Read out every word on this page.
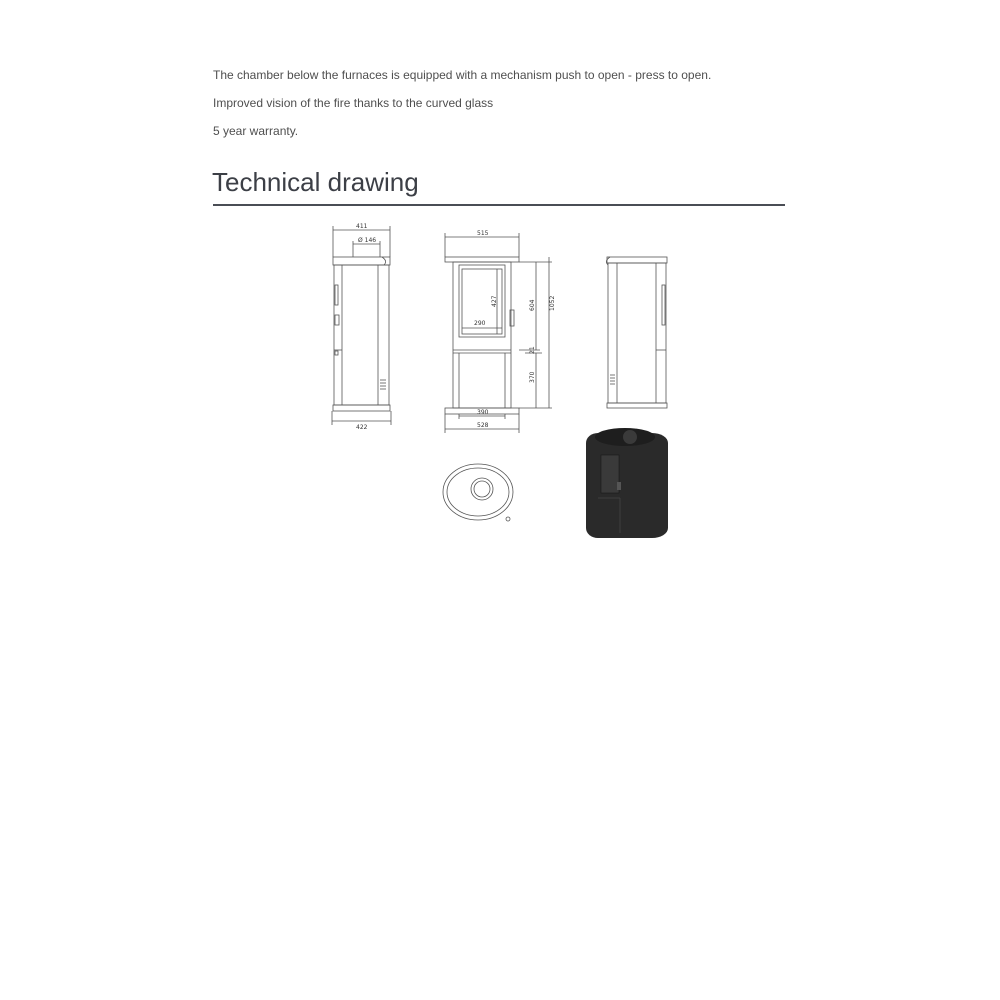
The chamber below the furnaces is equipped with a mechanism push to open - press to open.

Improved vision of the fire thanks to the curved glass

5 year warranty.

Technical drawing
411
Ø 146
422
515
290
427	604 1052
21
370
390
528
